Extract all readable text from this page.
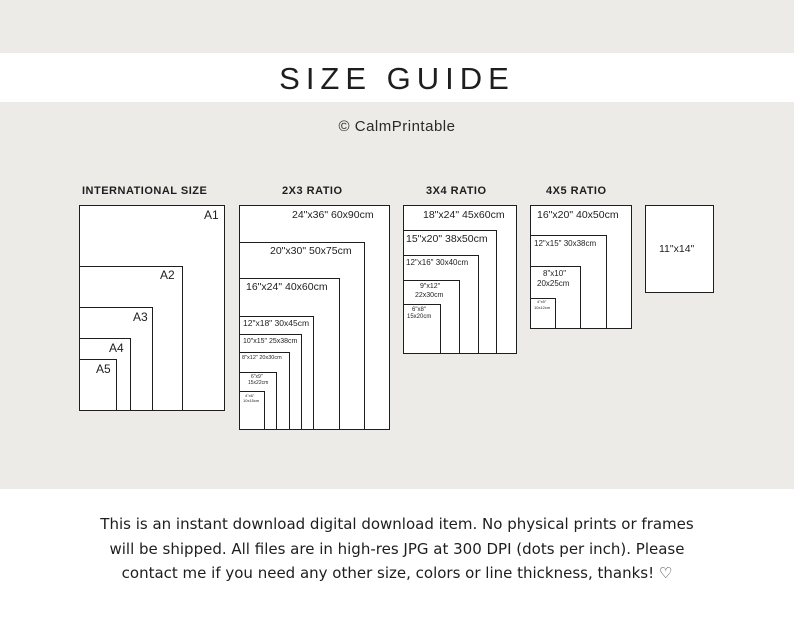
SIZE GUIDE
© CalmPrintable
INTERNATIONAL SIZE	2X3 RATIO	3X4 RATIO	4X5 RATIO
A1
A2
A3
A4
A5
24"x36" 60x90cm
20"x30" 50x75cm
16"x24" 40x60cm
12"x18" 30x45cm
10"x15" 25x38cm
8"x12" 20x30cm
6"x9"
15x22cm
4"x6"
10x15cm
18"x24" 45x60cm
15"x20" 38x50cm
12"x16" 30x40cm
9"x12"
22x30cm
6"x8"
15x20cm
16"x20" 40x50cm
12"x15" 30x38cm
8"x10"
20x25cm
4"x5"
10x12cm
11"x14"

This is an instant download digital download item. No physical prints or frames will be shipped. All files are in high-res JPG at 300 DPI (dots per inch). Please contact me if you need any other size, colors or line thickness, thanks! ♡
